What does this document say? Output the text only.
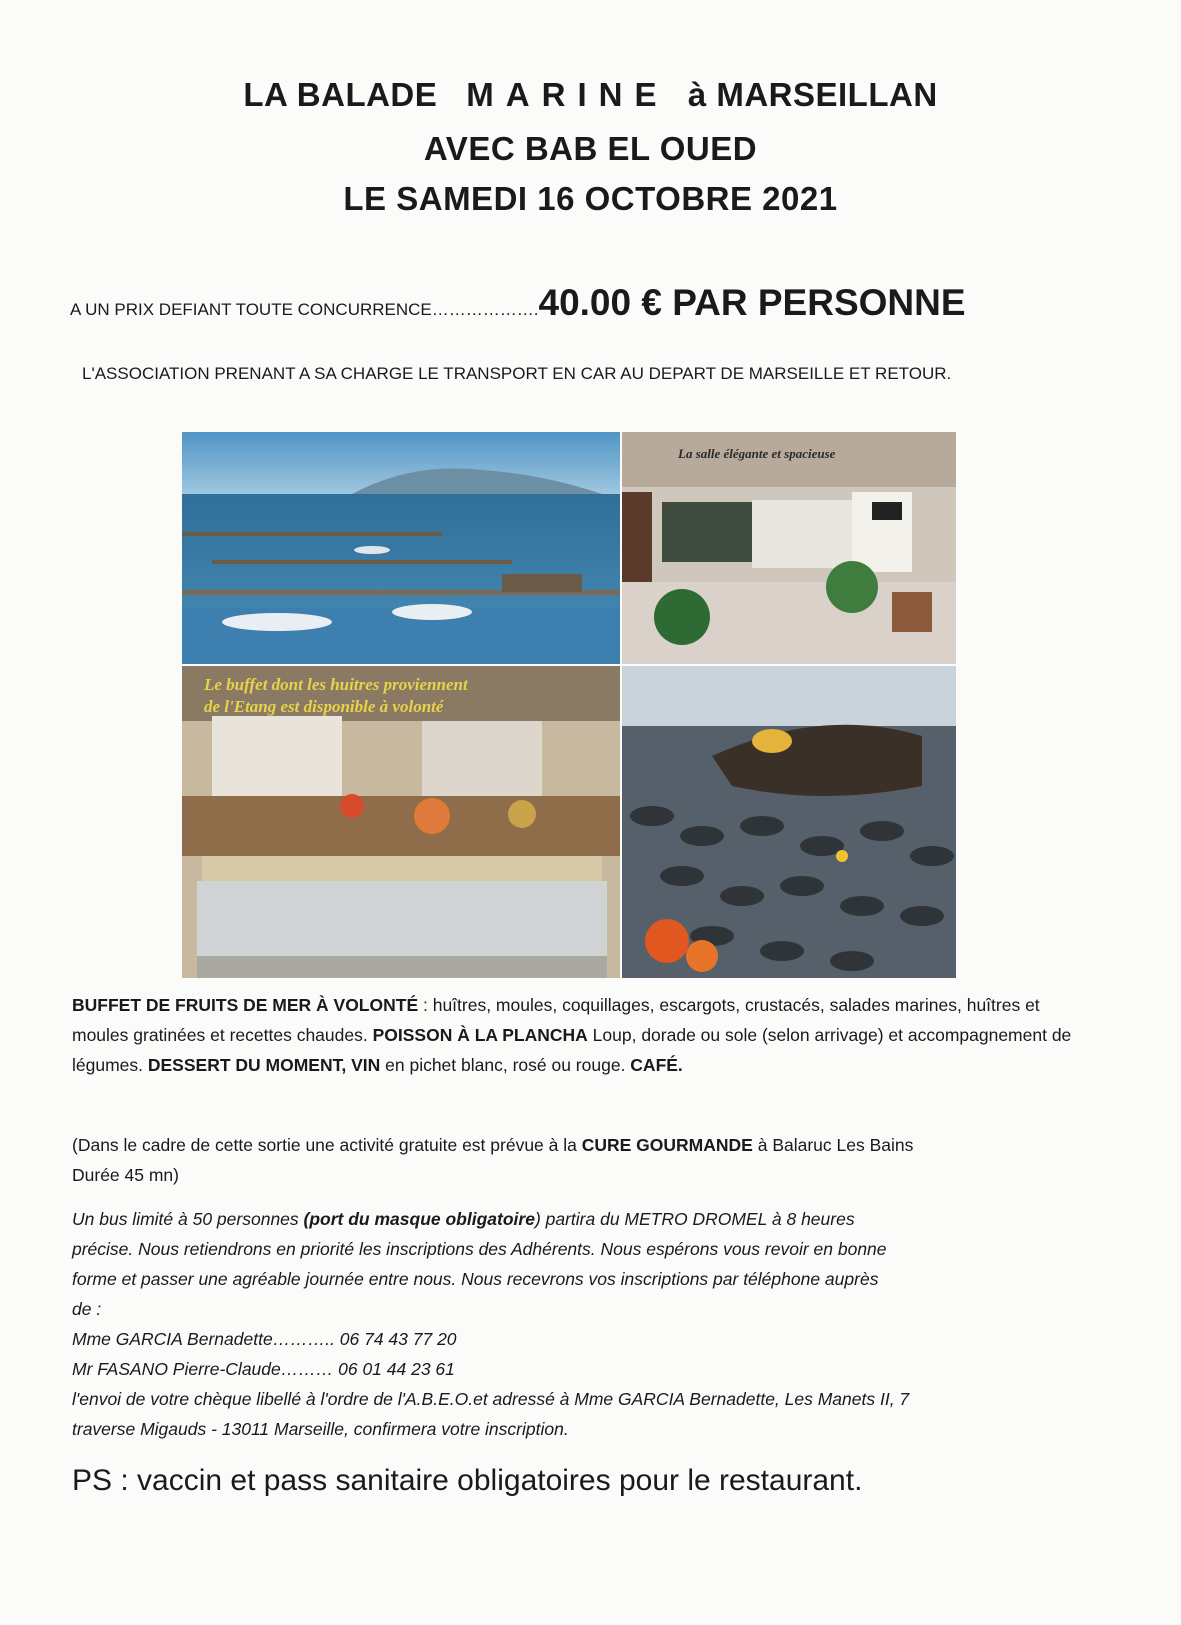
LA BALADE MARINE à MARSEILLAN
AVEC BAB EL OUED
LE SAMEDI 16 OCTOBRE 2021
A UN PRIX DEFIANT TOUTE CONCURRENCE……………….40.00 € PAR PERSONNE
L'ASSOCIATION PRENANT A SA CHARGE LE TRANSPORT EN CAR AU DEPART DE MARSEILLE ET RETOUR.
La salle élégante et spacieuse
Le buffet dont les huitres proviennent
de l'Etang est disponible à volonté
BUFFET DE FRUITS DE MER À VOLONTÉ : huîtres, moules, coquillages, escargots, crustacés, salades marines, huîtres et moules gratinées et recettes chaudes. POISSON À LA PLANCHA Loup, dorade ou sole (selon arrivage) et accompagnement de légumes. DESSERT DU MOMENT, VIN en pichet blanc, rosé ou rouge. CAFÉ.
(Dans le cadre de cette sortie une activité gratuite est prévue à la CURE GOURMANDE à Balaruc Les Bains
Durée 45 mn)
Un bus limité à 50 personnes (port du masque obligatoire) partira du METRO DROMEL à 8 heures
précise. Nous retiendrons en priorité les inscriptions des Adhérents. Nous espérons vous revoir en bonne
forme et passer une agréable journée entre nous. Nous recevrons vos inscriptions par téléphone auprès
de :
Mme GARCIA Bernadette……….. 06 74 43 77 20
Mr FASANO Pierre-Claude……… 06 01 44 23 61
l'envoi de votre chèque libellé à l'ordre de l'A.B.E.O.et adressé à Mme GARCIA Bernadette, Les Manets II, 7
traverse Migauds - 13011 Marseille, confirmera votre inscription.
PS : vaccin et pass sanitaire obligatoires pour le restaurant.
